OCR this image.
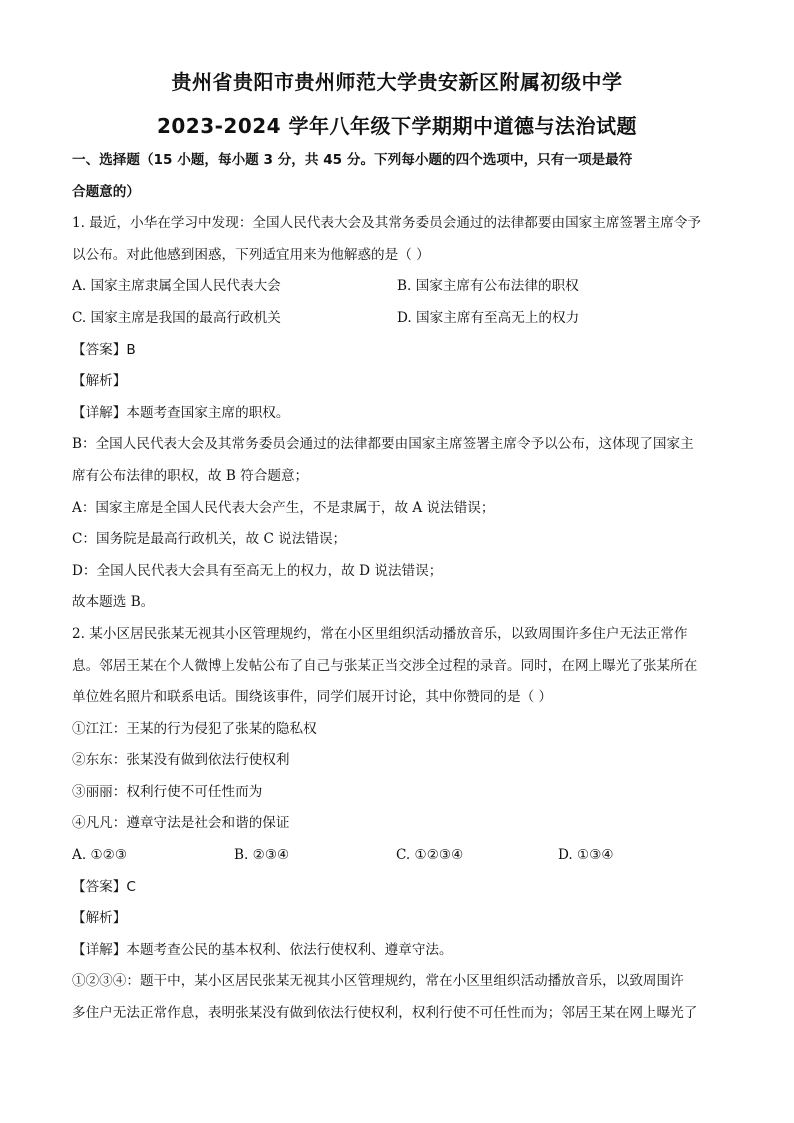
贵州省贵阳市贵州师范大学贵安新区附属初级中学
2023-2024 学年八年级下学期期中道德与法治试题
一、选择题（15 小题，每小题 3 分，共 45 分。下列每小题的四个选项中，只有一项是最符
合题意的）
1. 最近，小华在学习中发现：全国人民代表大会及其常务委员会通过的法律都要由国家主席签署主席令予
以公布。对此他感到困惑，下列适宜用来为他解惑的是（ ）
A. 国家主席隶属全国人民代表大会	B. 国家主席有公布法律的职权
C. 国家主席是我国的最高行政机关	D. 国家主席有至高无上的权力
【答案】B
【解析】
【详解】本题考查国家主席的职权。
B：全国人民代表大会及其常务委员会通过的法律都要由国家主席签署主席令予以公布，这体现了国家主
席有公布法律的职权，故 B 符合题意；
A：国家主席是全国人民代表大会产生，不是隶属于，故 A 说法错误；
C：国务院是最高行政机关，故 C 说法错误；
D：全国人民代表大会具有至高无上的权力，故 D 说法错误；
故本题选 B。
2. 某小区居民张某无视其小区管理规约，常在小区里组织活动播放音乐，以致周围许多住户无法正常作
息。邻居王某在个人微博上发帖公布了自己与张某正当交涉全过程的录音。同时，在网上曝光了张某所在
单位姓名照片和联系电话。围绕该事件，同学们展开讨论，其中你赞同的是（ ）
①江江：王某的行为侵犯了张某的隐私权
②东东：张某没有做到依法行使权利
③丽丽：权利行使不可任性而为
④凡凡：遵章守法是社会和谐的保证
A. ①②③	B. ②③④	C. ①②③④	D. ①③④
【答案】C
【解析】
【详解】本题考查公民的基本权利、依法行使权利、遵章守法。
①②③④：题干中，某小区居民张某无视其小区管理规约，常在小区里组织活动播放音乐，以致周围许
多住户无法正常作息，表明张某没有做到依法行使权利，权利行使不可任性而为；邻居王某在网上曝光了
